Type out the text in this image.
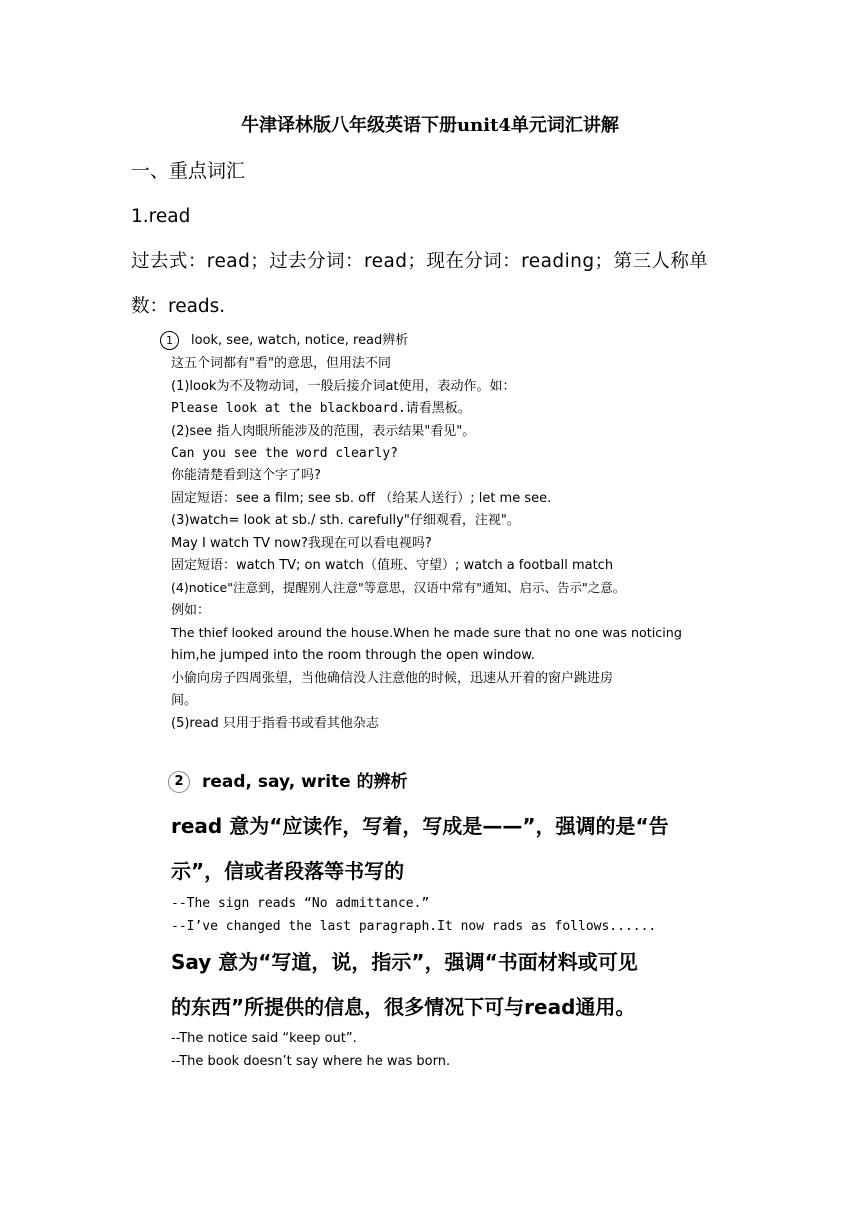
牛津译林版八年级英语下册unit4单元词汇讲解
一、重点词汇
1.read
过去式：read；过去分词：read；现在分词：reading；第三人称单
数：reads.
1 look, see, watch, notice, read辨析
这五个词都有"看"的意思，但用法不同
(1)look为不及物动词，一般后接介词at使用，表动作。如：
Please look at the blackboard.请看黑板。
(2)see 指人肉眼所能涉及的范围，表示结果"看见"。
Can you see the word clearly?
你能清楚看到这个字了吗?
固定短语：see a film; see sb. off （给某人送行）; let me see.
(3)watch= look at sb./ sth. carefully"仔细观看，注视"。
May I watch TV now?我现在可以看电视吗?
固定短语：watch TV; on watch（值班、守望）; watch a football match
(4)notice"注意到，提醒别人注意"等意思，汉语中常有"通知、启示、告示"之意。
例如：
The thief looked around the house.When he made sure that no one was noticing
him,he jumped into the room through the open window.
小偷向房子四周张望，当他确信没人注意他的时候，迅速从开着的窗户跳进房
间。
(5)read 只用于指看书或看其他杂志
2 read, say, write 的辨析
read 意为“应读作，写着，写成是——”，强调的是“告
示”，信或者段落等书写的
--The sign reads “No admittance.”
--I’ve changed the last paragraph.It now rads as follows......
Say 意为“写道，说，指示”，强调“书面材料或可见
的东西”所提供的信息，很多情况下可与read通用。
--The notice said “keep out”.
--The book doesn’t say where he was born.
